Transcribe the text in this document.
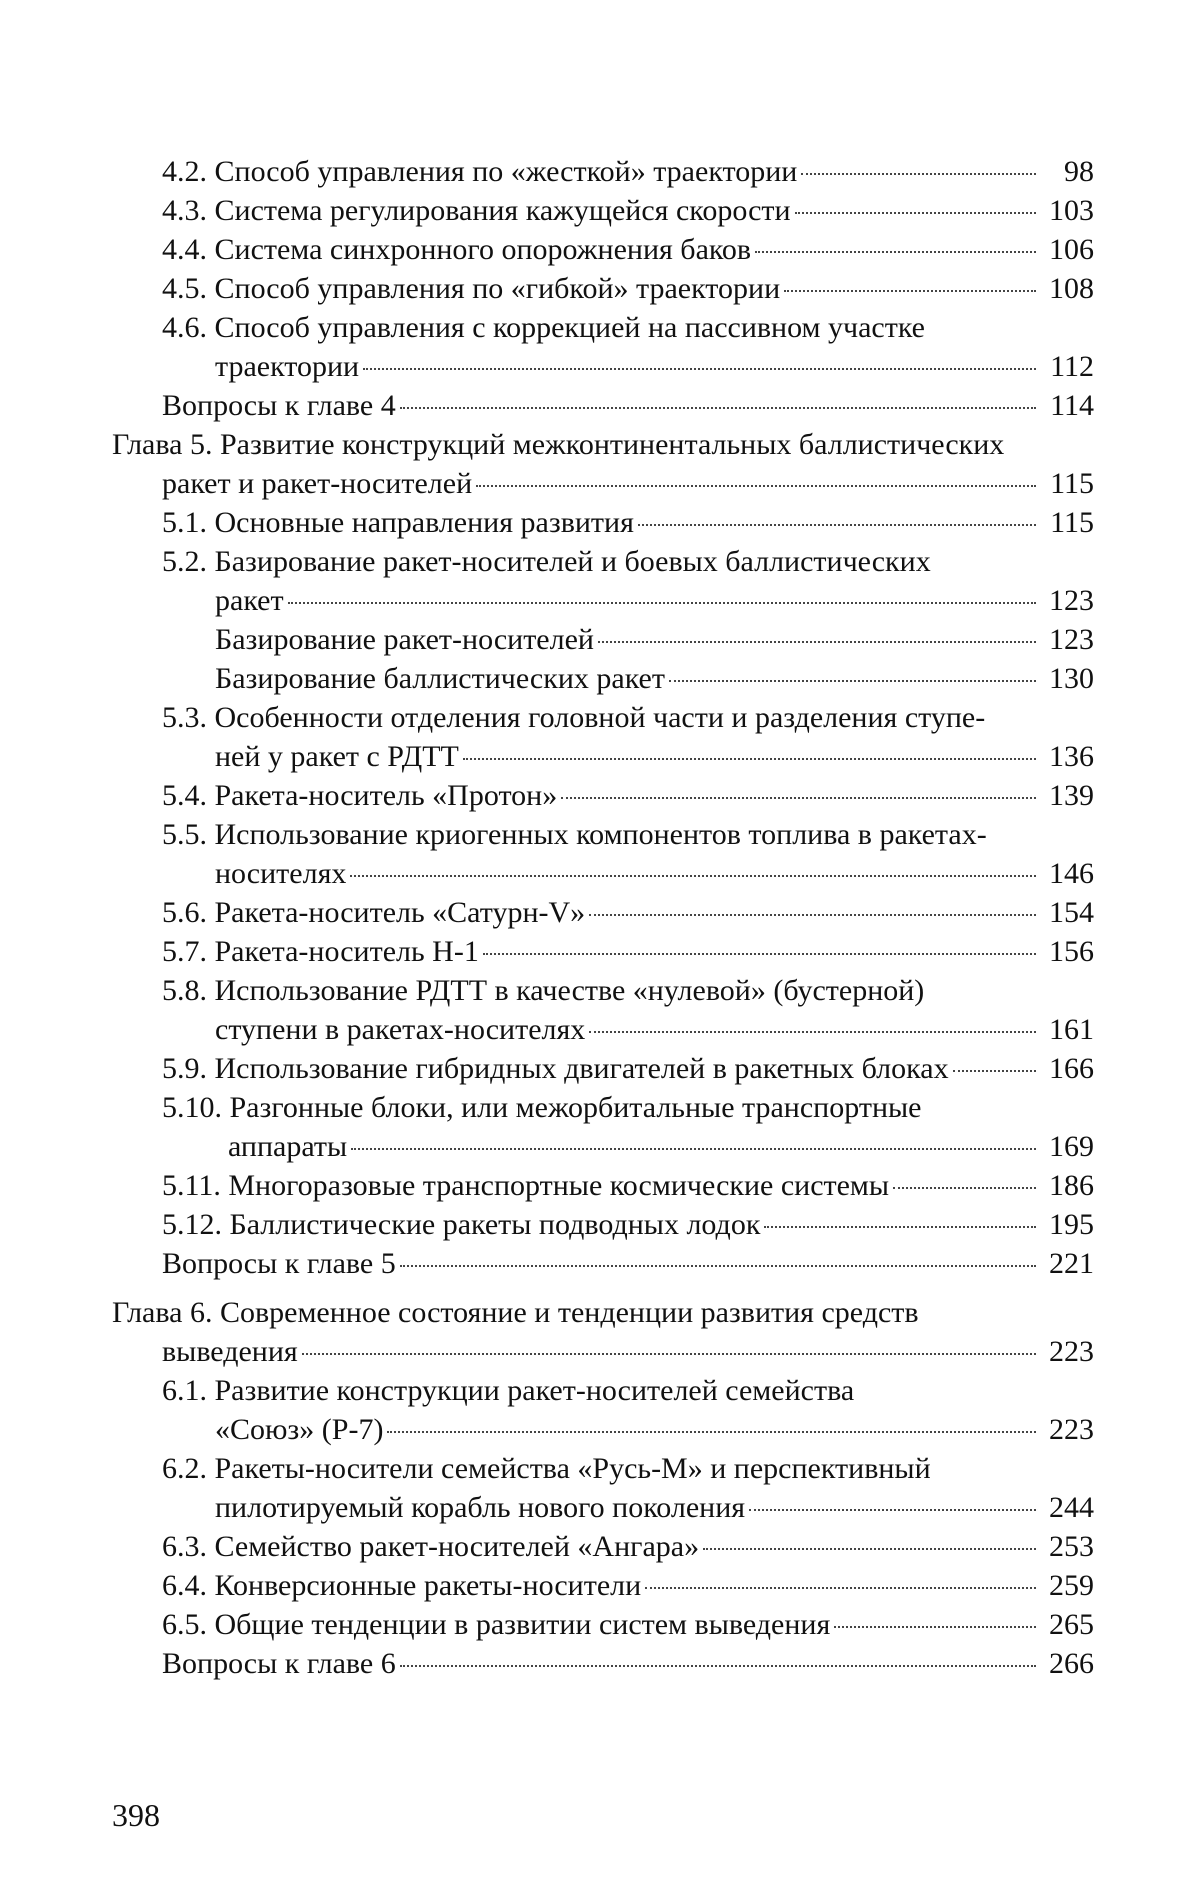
4.2. Способ управления по «жесткой» траектории	98
4.3. Система регулирования кажущейся скорости	103
4.4. Система синхронного опорожнения баков	106
4.5. Способ управления по «гибкой» траектории	108
4.6. Способ управления с коррекцией на пассивном участке
траектории	112
Вопросы к главе 4	114
Глава 5. Развитие конструкций межконтинентальных баллистических
ракет и ракет-носителей	115
5.1. Основные направления развития	115
5.2. Базирование ракет-носителей и боевых баллистических
ракет	123
Базирование ракет-носителей	123
Базирование баллистических ракет	130
5.3. Особенности отделения головной части и разделения ступе-
ней у ракет с РДТТ	136
5.4. Ракета-носитель «Протон»	139
5.5. Использование криогенных компонентов топлива в ракетах-
носителях	146
5.6. Ракета-носитель «Сатурн-V»	154
5.7. Ракета-носитель Н-1	156
5.8. Использование РДТТ в качестве «нулевой» (бустерной)
ступени в ракетах-носителях	161
5.9. Использование гибридных двигателей в ракетных блоках	166
5.10. Разгонные блоки, или межорбитальные транспортные
аппараты	169
5.11. Многоразовые транспортные космические системы	186
5.12. Баллистические ракеты подводных лодок	195
Вопросы к главе 5	221
Глава 6. Современное состояние и тенденции развития средств
выведения	223
6.1. Развитие конструкции ракет-носителей семейства
«Союз» (Р-7)	223
6.2. Ракеты-носители семейства «Русь-М» и перспективный
пилотируемый корабль нового поколения	244
6.3. Семейство ракет-носителей «Ангара»	253
6.4. Конверсионные ракеты-носители	259
6.5. Общие тенденции в развитии систем выведения	265
Вопросы к главе 6	266
398
